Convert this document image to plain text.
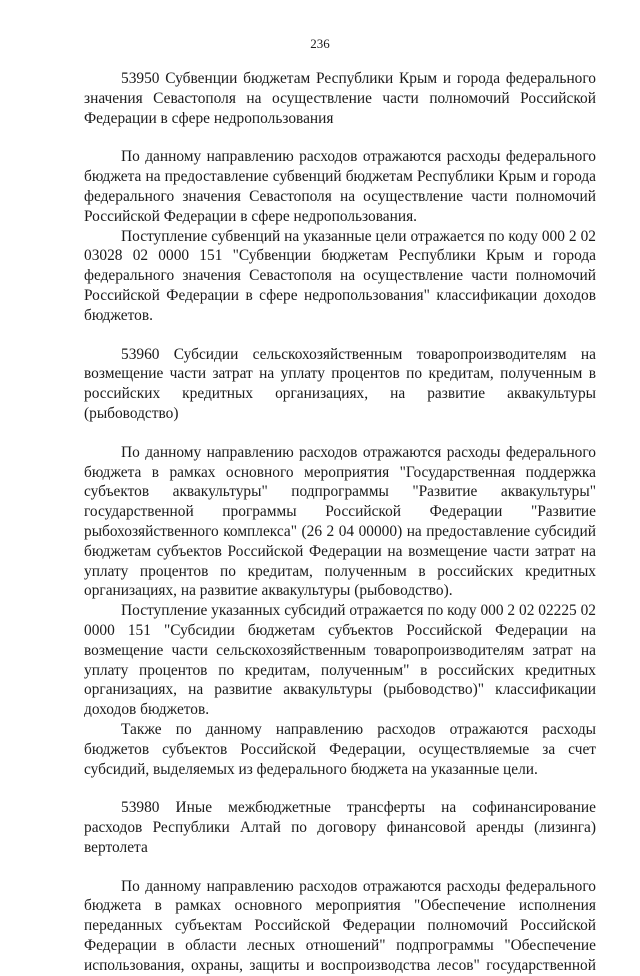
236

53950 Субвенции бюджетам Республики Крым и города федерального значения Севастополя на осуществление части полномочий Российской Федерации в сфере недропользования

По данному направлению расходов отражаются расходы федерального бюджета на предоставление субвенций бюджетам Республики Крым и города федерального значения Севастополя на осуществление части полномочий Российской Федерации в сфере недропользования.

Поступление субвенций на указанные цели отражается по коду 000 2 02 03028 02 0000 151 "Субвенции бюджетам Республики Крым и города федерального значения Севастополя на осуществление части полномочий Российской Федерации в сфере недропользования" классификации доходов бюджетов.

53960 Субсидии сельскохозяйственным товаропроизводителям на возмещение части затрат на уплату процентов по кредитам, полученным в российских кредитных организациях, на развитие аквакультуры (рыбоводство)

По данному направлению расходов отражаются расходы федерального бюджета в рамках основного мероприятия "Государственная поддержка субъектов аквакультуры" подпрограммы "Развитие аквакультуры" государственной программы Российской Федерации "Развитие рыбохозяйственного комплекса" (26 2 04 00000) на предоставление субсидий бюджетам субъектов Российской Федерации на возмещение части затрат на уплату процентов по кредитам, полученным в российских кредитных организациях, на развитие аквакультуры (рыбоводство).

Поступление указанных субсидий отражается по коду 000 2 02 02225 02 0000 151 "Субсидии бюджетам субъектов Российской Федерации на возмещение части сельскохозяйственным товаропроизводителям затрат на уплату процентов по кредитам, полученным" в российских кредитных организациях, на развитие аквакультуры (рыбоводство)" классификации доходов бюджетов.

Также по данному направлению расходов отражаются расходы бюджетов субъектов Российской Федерации, осуществляемые за счет субсидий, выделяемых из федерального бюджета на указанные цели.

53980 Иные межбюджетные трансферты на софинансирование расходов Республики Алтай по договору финансовой аренды (лизинга) вертолета

По данному направлению расходов отражаются расходы федерального бюджета в рамках основного мероприятия "Обеспечение исполнения переданных субъектам Российской Федерации полномочий Российской Федерации в области лесных отношений" подпрограммы "Обеспечение использования, охраны, защиты и воспроизводства лесов" государственной
